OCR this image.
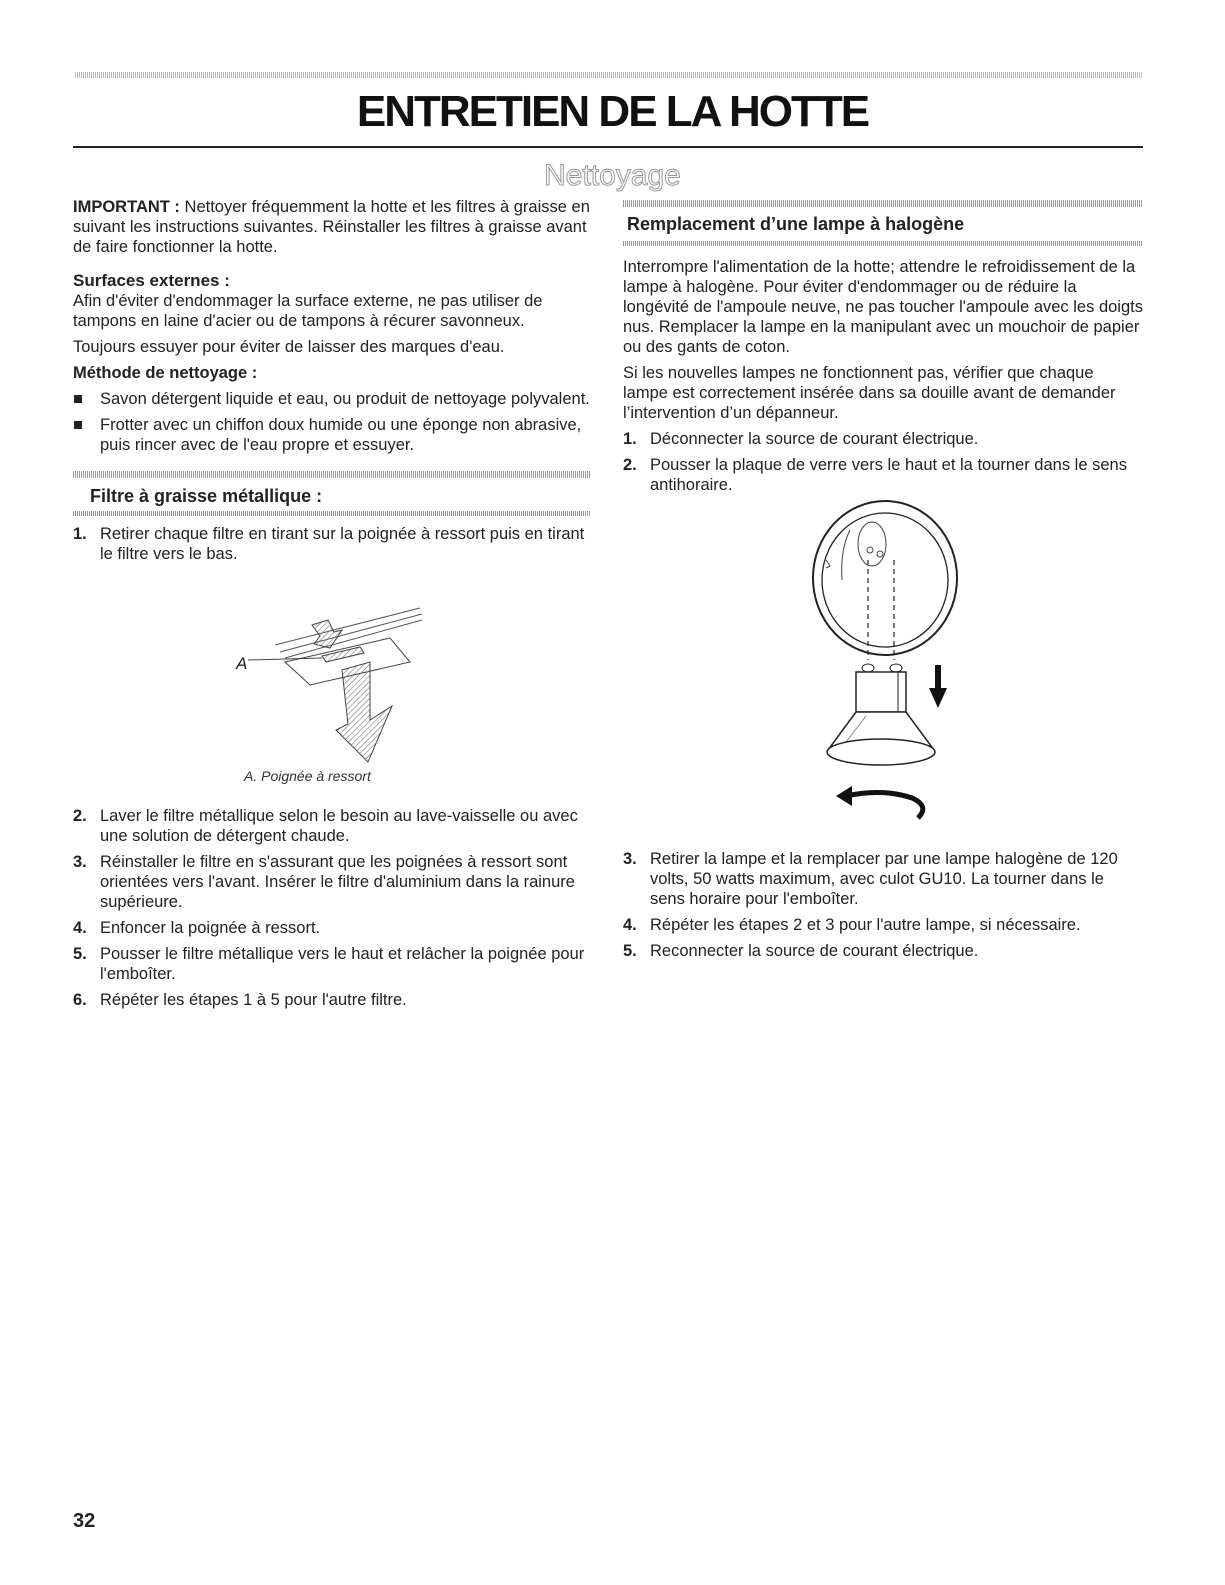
ENTRETIEN DE LA HOTTE
Nettoyage

IMPORTANT : Nettoyer fréquemment la hotte et les filtres à graisse en suivant les instructions suivantes. Réinstaller les filtres à graisse avant de faire fonctionner la hotte.

Surfaces externes :

Afin d'éviter d'endommager la surface externe, ne pas utiliser de tampons en laine d'acier ou de tampons à récurer savonneux.

Toujours essuyer pour éviter de laisser des marques d'eau.

Méthode de nettoyage :
Savon détergent liquide et eau, ou produit de nettoyage polyvalent.
Frotter avec un chiffon doux humide ou une éponge non abrasive, puis rincer avec de l'eau propre et essuyer.
Filtre à graisse métallique :
1. Retirer chaque filtre en tirant sur la poignée à ressort puis en tirant le filtre vers le bas.
A
A. Poignée à ressort
2. Laver le filtre métallique selon le besoin au lave-vaisselle ou avec une solution de détergent chaude.
3. Réinstaller le filtre en s'assurant que les poignées à ressort sont orientées vers l'avant. Insérer le filtre d'aluminium dans la rainure supérieure.
4. Enfoncer la poignée à ressort.
5. Pousser le filtre métallique vers le haut et relâcher la poignée pour l'emboîter.
6. Répéter les étapes 1 à 5 pour l'autre filtre.
Remplacement d’une lampe à halogène

Interrompre l'alimentation de la hotte; attendre le refroidissement de la lampe à halogène. Pour éviter d'endommager ou de réduire la longévité de l'ampoule neuve, ne pas toucher l'ampoule avec les doigts nus. Remplacer la lampe en la manipulant avec un mouchoir de papier ou des gants de coton.

Si les nouvelles lampes ne fonctionnent pas, vérifier que chaque lampe est correctement insérée dans sa douille avant de demander l’intervention d’un dépanneur.

1. Déconnecter la source de courant électrique.
2. Pousser la plaque de verre vers le haut et la tourner dans le sens antihoraire.
3. Retirer la lampe et la remplacer par une lampe halogène de 120 volts, 50 watts maximum, avec culot GU10. La tourner dans le sens horaire pour l'emboîter.
4. Répéter les étapes 2 et 3 pour l'autre lampe, si nécessaire.
5. Reconnecter la source de courant électrique.
32
